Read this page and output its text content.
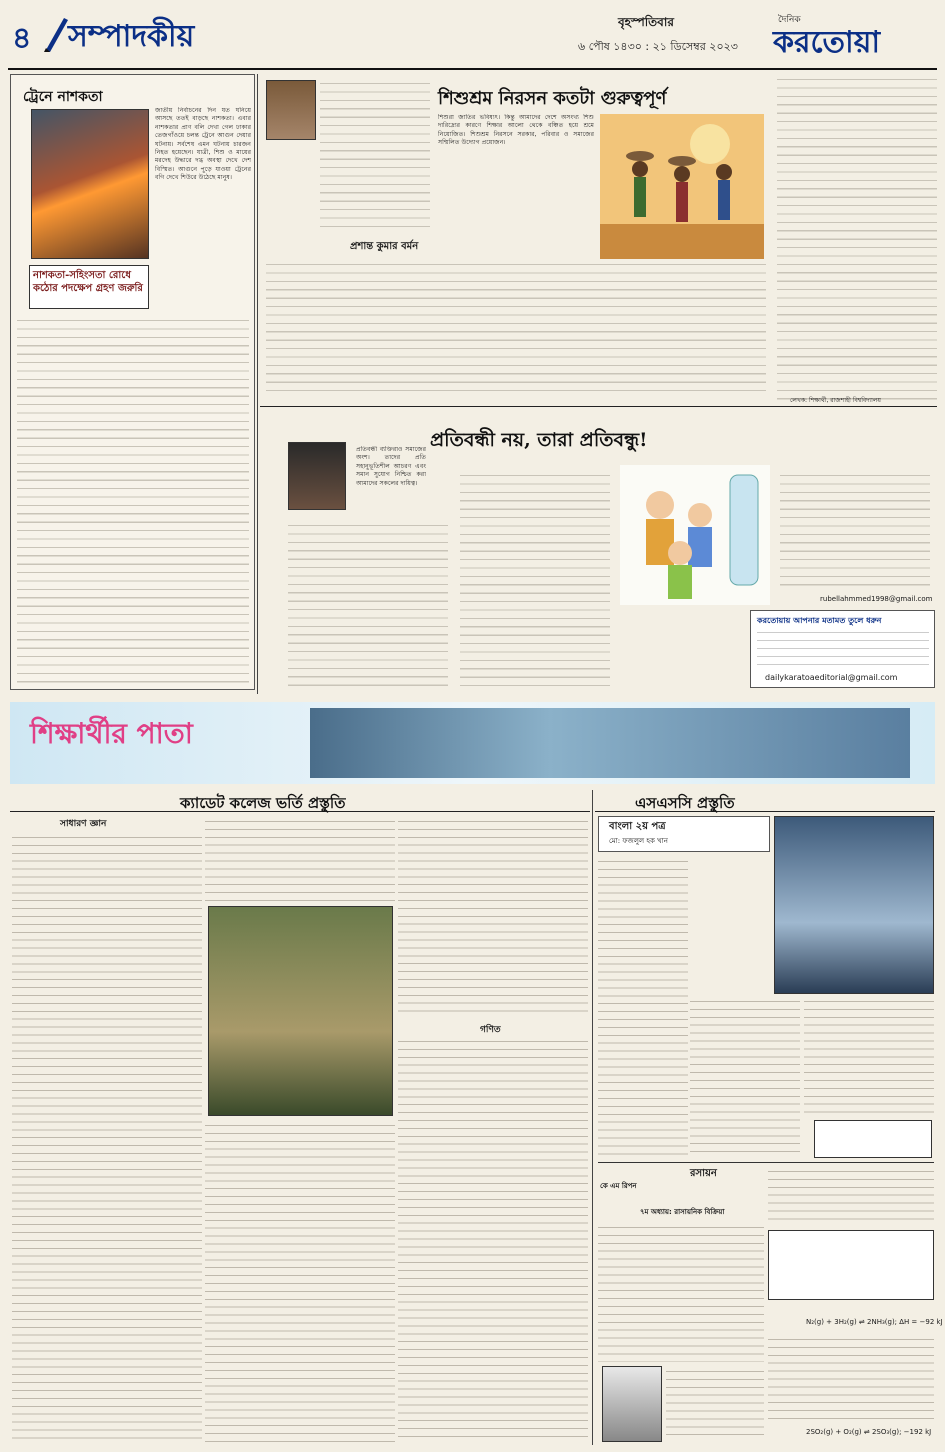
৪	সম্পাদকীয়	বৃহস্পতিবার
৬ পৌষ ১৪৩০ : ২১ ডিসেম্বর ২০২৩
দৈনিক
করতোয়া
ট্রেনে নাশকতা
জাতীয় নির্বাচনের দিন যত ঘনিয়ে আসছে ততই বাড়ছে নাশকতা। এবার নাশকতার প্রাণ বলি দেখা গেল ঢাকার তেজগাঁওয়ে চলন্ত ট্রেনে আগুন দেয়ার ঘটনায়। সর্বশেষ এমন ঘটনায় চারজন নিহত হয়েছেন। যাত্রী, শিশু ও মায়ের মরদেহ উদ্ধারে দগ্ধ অবস্থা দেখে দেশ বিস্মিত। আগুনে পুড়ে যাওয়া ট্রেনের বগি দেখে শিউরে উঠেছে মানুষ।
নাশকতা-সহিংসতা রোধে কঠোর পদক্ষেপ গ্রহণ জরুরি
প্রশান্ত কুমার বর্মন
শিশুশ্রম নিরসন কতটা গুরুত্বপূর্ণ
শিশুরা জাতির ভবিষ্যৎ। কিন্তু আমাদের দেশে অসংখ্য শিশু দারিদ্র্যের কারণে শিক্ষার আলো থেকে বঞ্চিত হয়ে শ্রমে নিয়োজিত। শিশুশ্রম নিরসনে সরকার, পরিবার ও সমাজের সম্মিলিত উদ্যোগ প্রয়োজন।
লেখক: শিক্ষার্থী, রাজশাহী বিশ্ববিদ্যালয়
প্রতিবন্ধী নয়, তারা প্রতিবন্ধু!
প্রতিবন্ধী ব্যক্তিরাও সমাজের অংশ। তাদের প্রতি সহানুভূতিশীল আচরণ এবং সমান সুযোগ নিশ্চিত করা আমাদের সকলের দায়িত্ব।
rubellahmmed1998@gmail.com
করতোয়ায় আপনার মতামত তুলে ধরুন
dailykaratoaeditorial@gmail.com
শিক্ষার্থীর পাতা
ক্যাডেট কলেজ ভর্তি প্রস্তুতি
সাধারণ জ্ঞান
গণিত
এসএসসি প্রস্তুতি
বাংলা ২য় পত্র
মো: ফজলুল হক খান
রসায়ন
কে এম রিপন
৭ম অধ্যায়: রাসায়নিক বিক্রিয়া
N₂(g) + 3H₂(g) ⇌ 2NH₃(g); ∆H = −92 kJ
2SO₂(g) + O₂(g) ⇌ 2SO₃(g); −192 kJ
